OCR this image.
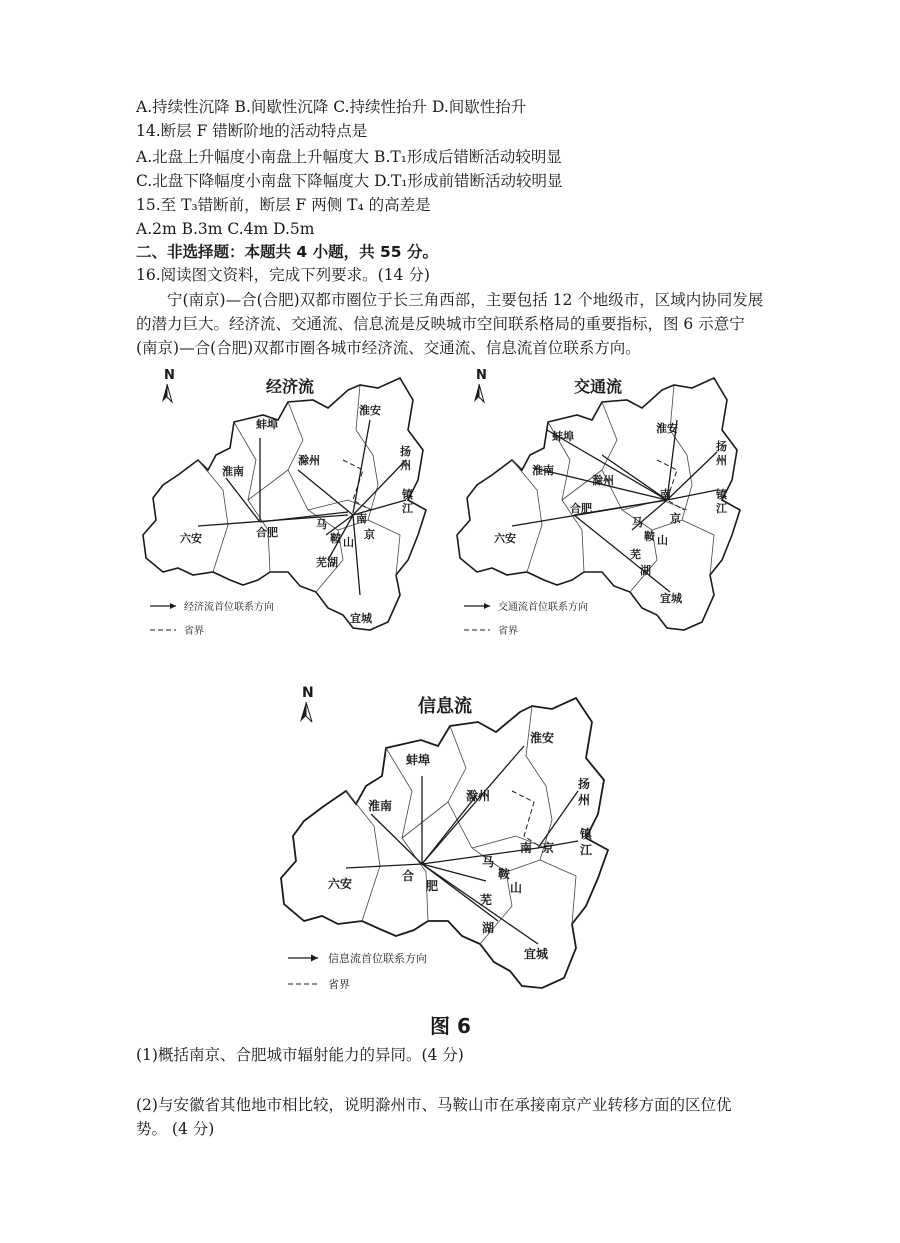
A.持续性沉降 B.间歇性沉降 C.持续性抬升 D.间歇性抬升
14.断层 F 错断阶地的活动特点是
A.北盘上升幅度小南盘上升幅度大 B.T₁形成后错断活动较明显
C.北盘下降幅度小南盘下降幅度大 D.T₁形成前错断活动较明显
15.至 T₃错断前，断层 F 两侧 T₄ 的高差是
A.2m B.3m C.4m D.5m
二、非选择题：本题共 4 小题，共 55 分。
16.阅读图文资料，完成下列要求。(14 分)
宁(南京)—合(合肥)双都市圈位于长三角西部，主要包括 12 个地级市，区域内协同发展的潜力巨大。经济流、交通流、信息流是反映城市空间联系格局的重要指标，图 6 示意宁(南京)—合(合肥)双都市圈各城市经济流、交通流、信息流首位联系方向。
N
经济流
蚌埠
淮安
滁州
扬
州
淮南
镇
江
六安	合肥
南
京
马
鞍 山
芜湖
宜城
经济流首位联系方向
省界
N
交通流
蚌埠
淮安
滁州
扬
州
淮南
镇
江
六安
合肥
南
京
马
鞍 山
芜
湖
宜城
交通流首位联系方向
省界
N
信息流
蚌埠
淮安
滁州
扬
州
淮南
镇
江
六安
合
肥
南 京
马
鞍
山
芜
湖
宜城
信息流首位联系方向
省界
图 6
(1)概括南京、合肥城市辐射能力的异同。(4 分)
(2)与安徽省其他地市相比较，说明滁州市、马鞍山市在承接南京产业转移方面的区位优
势。 (4 分)
